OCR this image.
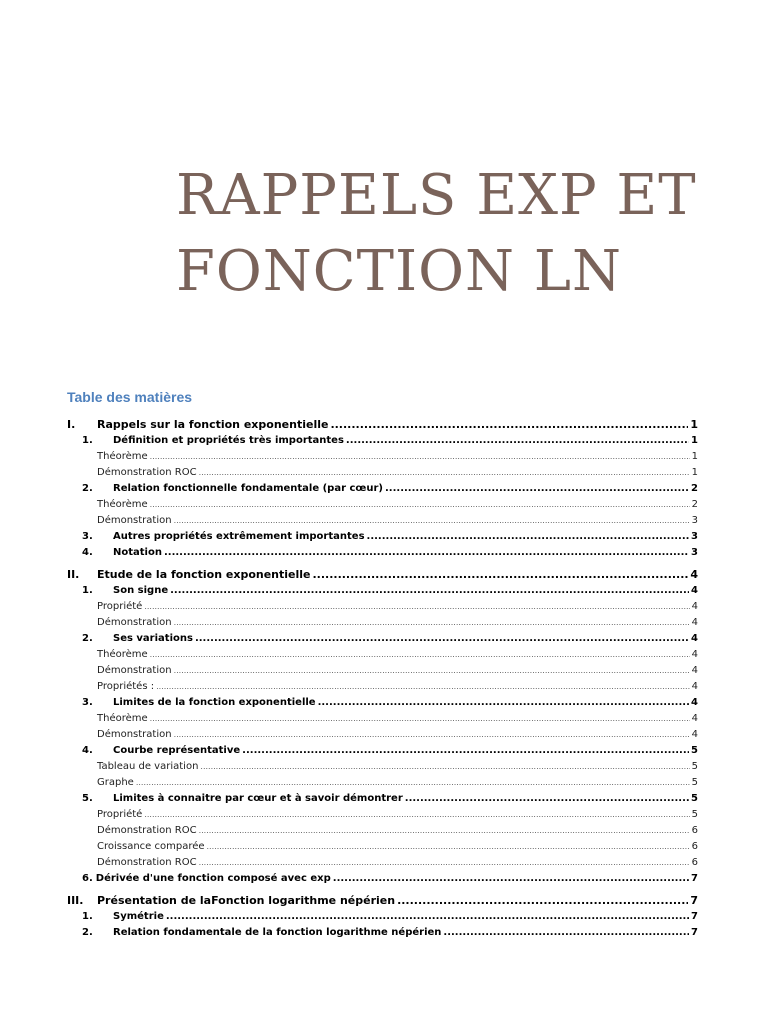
RAPPELS EXP ET
FONCTION LN
Table des matières
I.	Rappels sur la fonction exponentielle .....	1
1.	Définition et propriétés très importantes .....	1
Théorème .....	1
Démonstration ROC .....	1
2.	Relation fonctionnelle fondamentale (par cœur) .....	2
Théorème .....	2
Démonstration .....	3
3.	Autres propriétés extrêmement importantes .....	3
4.	Notation .....	3
II.	Etude de la fonction exponentielle .....	4
1.	Son signe .....	4
Propriété .....	4
Démonstration .....	4
2.	Ses variations .....	4
Théorème .....	4
Démonstration .....	4
Propriétés : .....	4
3.	Limites de la fonction exponentielle .....	4
Théorème .....	4
Démonstration .....	4
4.	Courbe représentative .....	5
Tableau de variation .....	5
Graphe .....	5
5.	Limites à connaitre par cœur et à savoir démontrer .....	5
Propriété .....	5
Démonstration ROC .....	6
Croissance comparée .....	6
Démonstration ROC .....	6
6. Dérivée d'une fonction composé avec exp .....	7
III.	Présentation de laFonction logarithme népérien .....	7
1.	Symétrie .....	7
2.	Relation fondamentale de la fonction logarithme népérien .....	7
